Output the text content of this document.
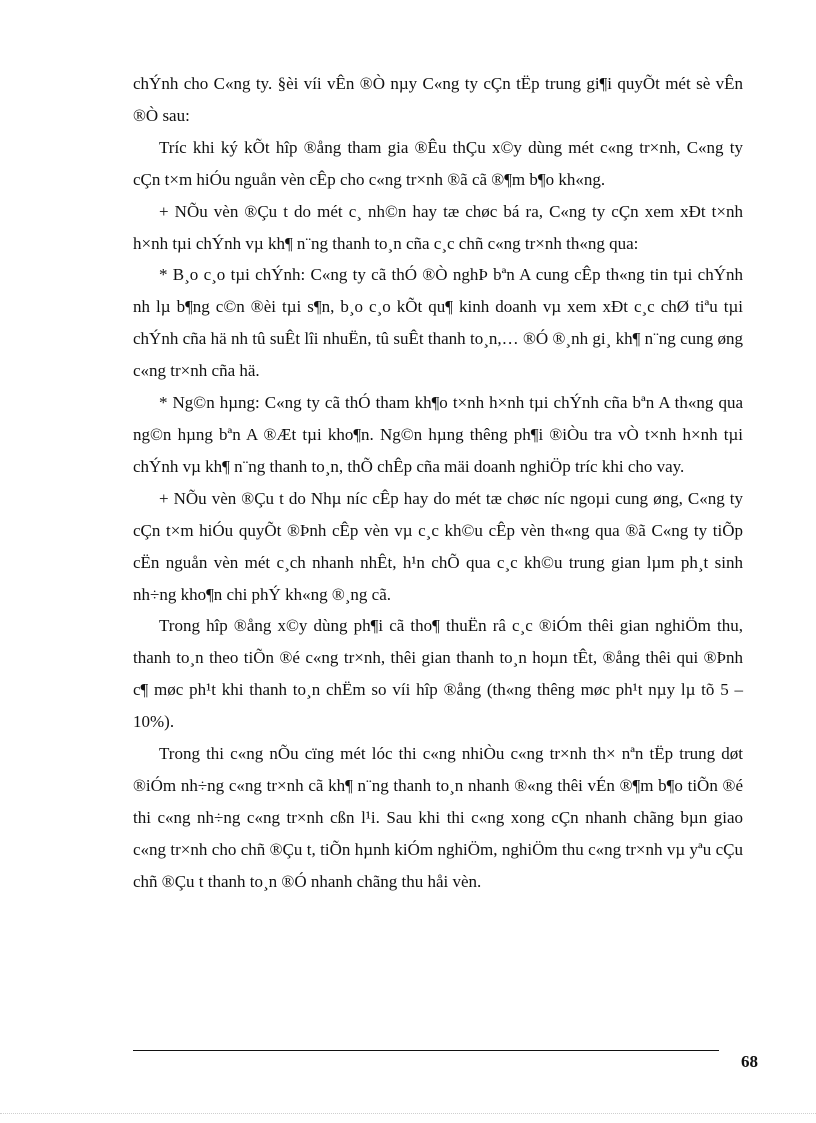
chÝnh cho C«ng ty. §èi víi vÊn ®Ò nµy C«ng ty cÇn tËp trung gi¶i quyÕt mét sè vÊn ®Ò sau:

Tríc khi ký kÕt hîp ®ång tham gia ®Êu thÇu x©y dùng mét c«ng tr×nh, C«ng ty cÇn t×m hiÓu nguån vèn cÊp cho c«ng tr×nh ®ã cã ®¶m b¶o kh«ng.

+ NÕu vèn ®Çu t do mét c¸ nh©n hay tæ chøc bá ra, C«ng ty cÇn xem xÐt t×nh h×nh tµi chÝnh vµ kh¶ n¨ng thanh to¸n cña c¸c chñ c«ng tr×nh th«ng qua:

* B¸o c¸o tµi chÝnh: C«ng ty cã thÓ ®Ò nghÞ bªn A cung cÊp th«ng tin tµi chÝnh nh lµ b¶ng c©n ®èi tµi s¶n, b¸o c¸o kÕt qu¶ kinh doanh vµ xem xÐt c¸c chØ tiªu tµi chÝnh cña hä nh tû suÊt lîi nhuËn, tû suÊt thanh to¸n,… ®Ó ®¸nh gi¸ kh¶ n¨ng cung øng c«ng tr×nh cña hä.

* Ng©n hµng: C«ng ty cã thÓ tham kh¶o t×nh h×nh tµi chÝnh cña bªn A th«ng qua ng©n hµng bªn A ®Æt tµi kho¶n. Ng©n hµng thêng ph¶i ®iÒu tra vÒ t×nh h×nh tµi chÝnh vµ kh¶ n¨ng thanh to¸n, thÕ chÊp cña mäi doanh nghiÖp tríc khi cho vay.

+ NÕu vèn ®Çu t do Nhµ níc cÊp hay do mét tæ chøc níc ngoµi cung øng, C«ng ty cÇn t×m hiÓu quyÕt ®Þnh cÊp vèn vµ c¸c kh©u cÊp vèn th«ng qua ®ã C«ng ty tiÕp cËn nguån vèn mét c¸ch nhanh nhÊt, h¹n chÕ qua c¸c kh©u trung gian lµm ph¸t sinh nh÷ng kho¶n chi phÝ kh«ng ®¸ng cã.

Trong hîp ®ång x©y dùng ph¶i cã tho¶ thuËn râ c¸c ®iÓm thêi gian nghiÖm thu, thanh to¸n theo tiÕn ®é c«ng tr×nh, thêi gian thanh to¸n hoµn tÊt, ®ång thêi qui ®Þnh c¶ møc ph¹t khi thanh to¸n chËm so víi hîp ®ång (th«ng thêng møc ph¹t nµy lµ tõ 5 – 10%).

Trong thi c«ng nÕu cïng mét lóc thi c«ng nhiÒu c«ng tr×nh th× nªn tËp trung døt ®iÓm nh÷ng c«ng tr×nh cã kh¶ n¨ng thanh to¸n nhanh ®«ng thêi vÉn ®¶m b¶o tiÕn ®é thi c«ng nh÷ng c«ng tr×nh cßn l¹i. Sau khi thi c«ng xong cÇn nhanh chãng bµn giao c«ng tr×nh cho chñ ®Çu t, tiÕn hµnh kiÓm nghiÖm, nghiÖm thu c«ng tr×nh vµ yªu cÇu chñ ®Çu t thanh to¸n ®Ó nhanh chãng thu håi vèn.

68
